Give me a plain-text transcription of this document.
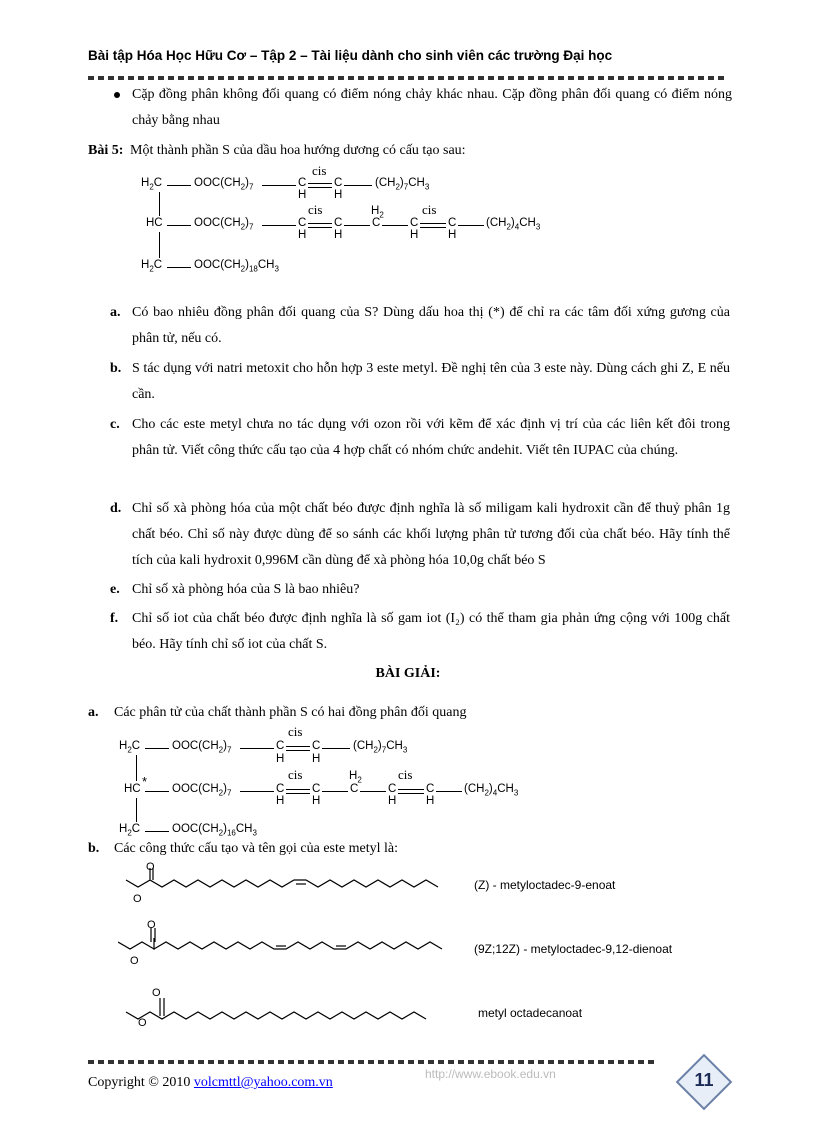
Bài tập Hóa Học Hữu Cơ – Tập 2 – Tài liệu dành cho sinh viên các trường Đại học
Cặp đồng phân không đối quang có điểm nóng chảy khác nhau. Cặp đồng phân đối quang có điểm nóng chảy bằng nhau
Bài 5: Một thành phần S của dầu hoa hướng dương có cấu tạo sau:
$H_2C$	$OOC(CH_2)_7$	C
cis
C	$(CH_2)_7CH_3$
H H
HC	$OOC(CH_2)_7$	C
cis
C
$H_2$
C	C
cis
C	$(CH_2)_4CH_3$
H H	H	H
$H_2C$	$OOC(CH_2)_{18}CH_3$
a. Có bao nhiêu đồng phân đối quang của S? Dùng dấu hoa thị (*) để chỉ ra các tâm đối xứng gương của phân tử, nếu có.
b. S tác dụng với natri metoxit cho hỗn hợp 3 este metyl. Đề nghị tên của 3 este này. Dùng cách ghi Z, E nếu cần.
c. Cho các este metyl chưa no tác dụng với ozon rồi với kẽm để xác định vị trí của các liên kết đôi trong phân tử. Viết công thức cấu tạo của 4 hợp chất có nhóm chức andehit. Viết tên IUPAC của chúng.
d. Chỉ số xà phòng hóa của một chất béo được định nghĩa là số miligam kali hydroxit cần để thuỷ phân 1g chất béo. Chỉ số này được dùng để so sánh các khối lượng phân tử tương đối của chất béo. Hãy tính thể tích của kali hydroxit 0,996M cần dùng để xà phòng hóa 10,0g chất béo S
e. Chỉ số xà phòng hóa của S là bao nhiêu?
f. Chỉ số iot của chất béo được định nghĩa là số gam iot (I₂) có thể tham gia phản ứng cộng với 100g chất béo. Hãy tính chỉ số iot của chất S.
BÀI GIẢI:
a. Các phân tử của chất thành phần S có hai đồng phân đối quang
$H_2C$	$OOC(CH_2)_7$	C
cis
C	$(CH_2)_7CH_3$
H H
*
HC	$OOC(CH_2)_7$	C
cis
C
$H_2$
C	C
cis
C	$(CH_2)_4CH_3$
H H	H	H
$H_2C$	$OOC(CH_2)_{16}CH_3$
b. Các công thức cấu tạo và tên gọi của este metyl là:
O
O
(Z) - metyloctadec-9-enoat
O
O
(9Z;12Z) - metyloctadec-9,12-dienoat
O
O
metyl octadecanoat
Copyright © 2010 volcmttl@yahoo.com.vn
http://www.ebook.edu.vn	11
